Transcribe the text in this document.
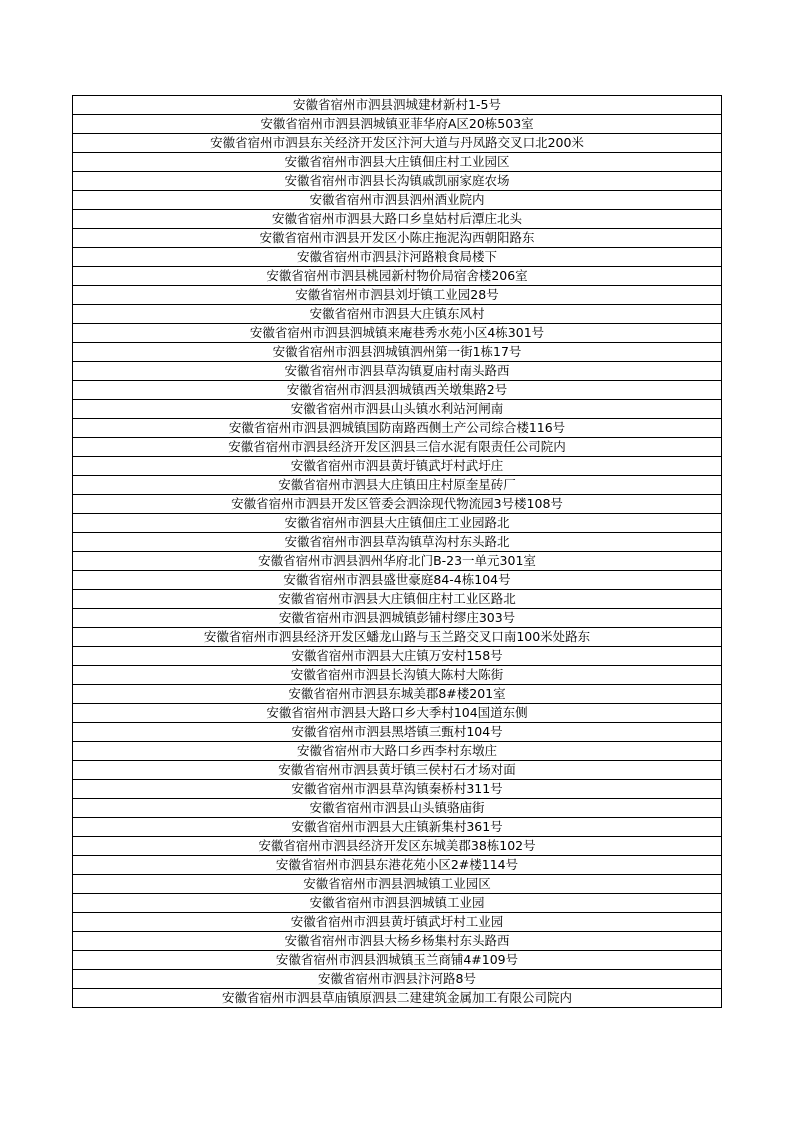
安徽省宿州市泗县泗城建材新村1-5号
安徽省宿州市泗县泗城镇亚菲华府A区20栋503室
安徽省宿州市泗县东关经济开发区汴河大道与丹凤路交叉口北200米
安徽省宿州市泗县大庄镇佃庄村工业园区
安徽省宿州市泗县长沟镇戚凯丽家庭农场
安徽省宿州市泗县泗州酒业院内
安徽省宿州市泗县大路口乡皇姑村后潭庄北头
安徽省宿州市泗县开发区小陈庄拖泥沟西朝阳路东
安徽省宿州市泗县汴河路粮食局楼下
安徽省宿州市泗县桃园新村物价局宿舍楼206室
安徽省宿州市泗县刘圩镇工业园28号
安徽省宿州市泗县大庄镇东风村
安徽省宿州市泗县泗城镇来庵巷秀水苑小区4栋301号
安徽省宿州市泗县泗城镇泗州第一街1栋17号
安徽省宿州市泗县草沟镇夏庙村南头路西
安徽省宿州市泗县泗城镇西关墩集路2号
安徽省宿州市泗县山头镇水利站河闸南
安徽省宿州市泗县泗城镇国防南路西侧土产公司综合楼116号
安徽省宿州市泗县经济开发区泗县三信水泥有限责任公司院内
安徽省宿州市泗县黄圩镇武圩村武圩庄
安徽省宿州市泗县大庄镇田庄村原奎星砖厂
安徽省宿州市泗县开发区管委会泗涂现代物流园3号楼108号
安徽省宿州市泗县大庄镇佃庄工业园路北
安徽省宿州市泗县草沟镇草沟村东头路北
安徽省宿州市泗县泗州华府北门B-23一单元301室
安徽省宿州市泗县盛世豪庭84-4栋104号
安徽省宿州市泗县大庄镇佃庄村工业区路北
安徽省宿州市泗县泗城镇彭铺村缪庄303号
安徽省宿州市泗县经济开发区蟠龙山路与玉兰路交叉口南100米处路东
安徽省宿州市泗县大庄镇万安村158号
安徽省宿州市泗县长沟镇大陈村大陈街
安徽省宿州市泗县东城美郡8#楼201室
安徽省宿州市泗县大路口乡大季村104国道东侧
安徽省宿州市泗县黑塔镇三甄村104号
安徽省宿州市大路口乡西李村东墩庄
安徽省宿州市泗县黄圩镇三侯村石才场对面
安徽省宿州市泗县草沟镇秦桥村311号
安徽省宿州市泗县山头镇骆庙街
安徽省宿州市泗县大庄镇新集村361号
安徽省宿州市泗县经济开发区东城美郡38栋102号
安徽省宿州市泗县东港花苑小区2#楼114号
安徽省宿州市泗县泗城镇工业园区
安徽省宿州市泗县泗城镇工业园
安徽省宿州市泗县黄圩镇武圩村工业园
安徽省宿州市泗县大杨乡杨集村东头路西
安徽省宿州市泗县泗城镇玉兰商铺4#109号
安徽省宿州市泗县汴河路8号
安徽省宿州市泗县草庙镇原泗县二建建筑金属加工有限公司院内
